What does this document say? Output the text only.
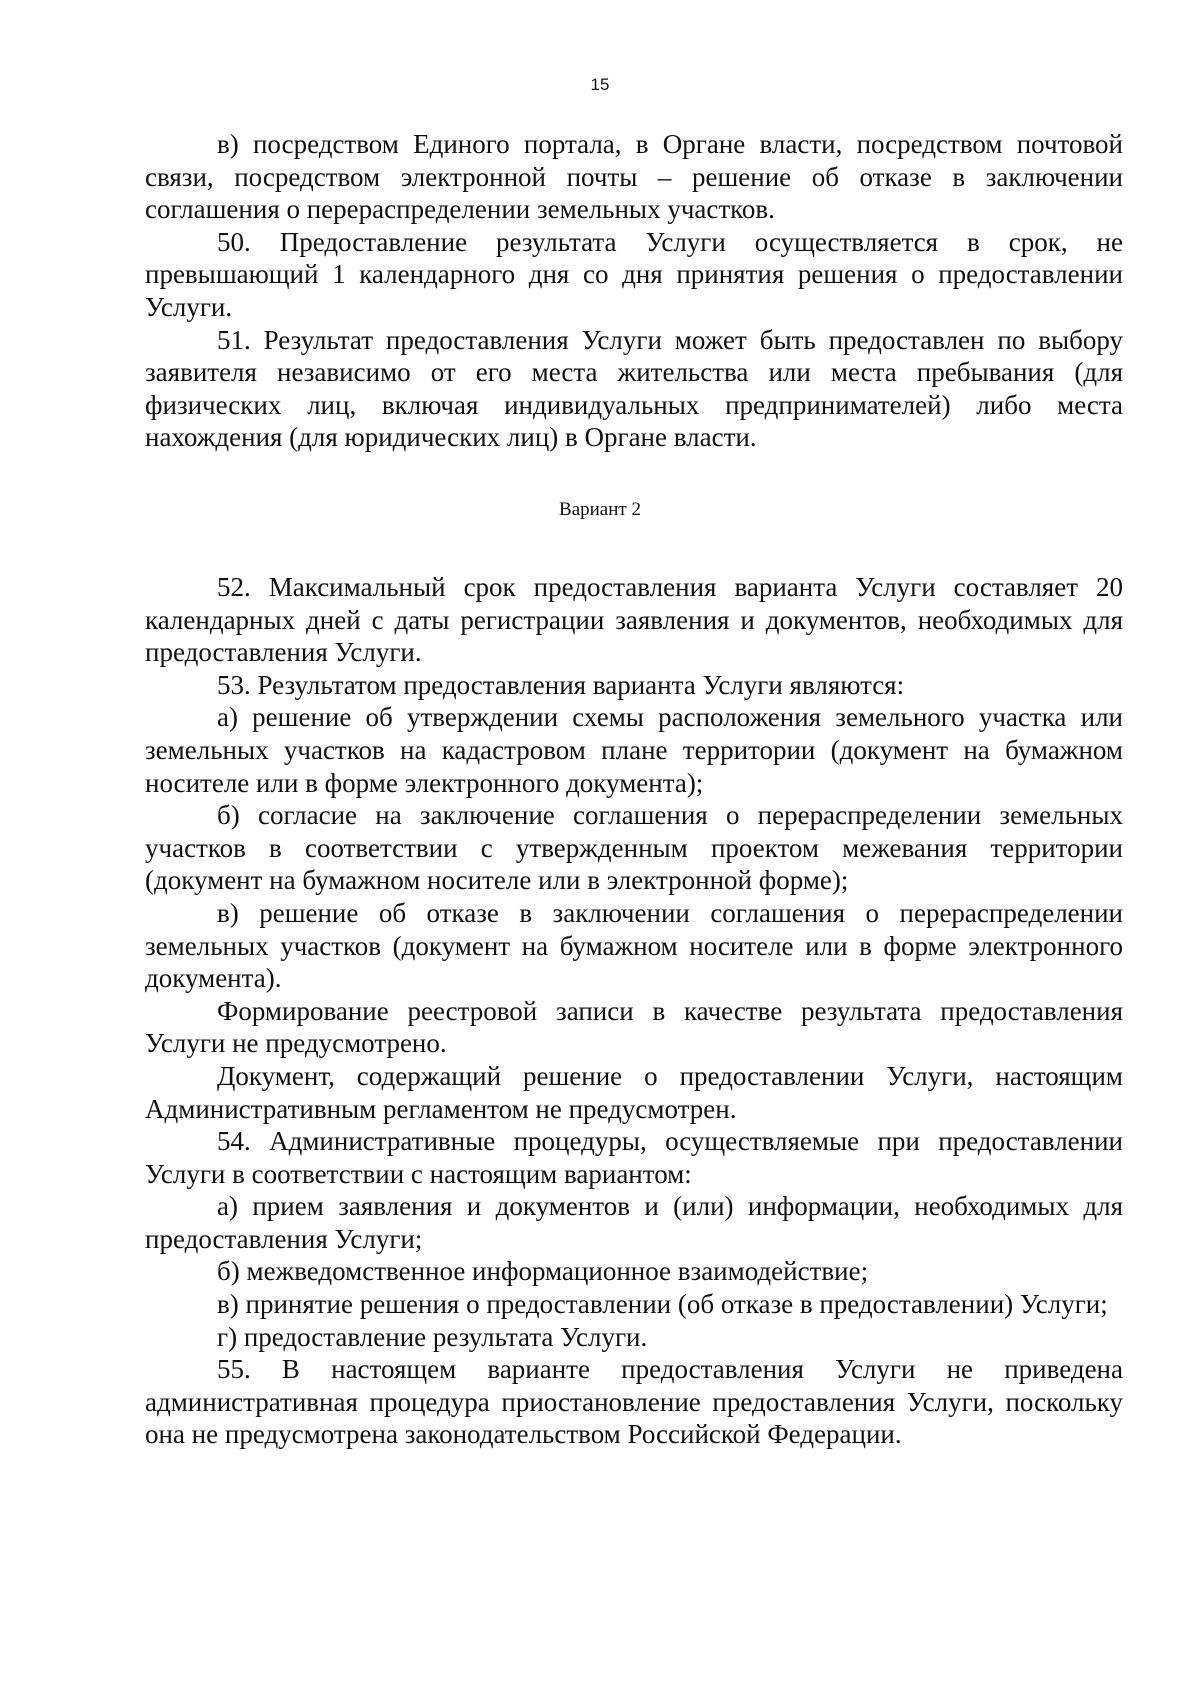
15

в) посредством Единого портала, в Органе власти, посредством почтовой связи, посредством электронной почты – решение об отказе в заключении соглашения о перераспределении земельных участков.

50. Предоставление результата Услуги осуществляется в срок, не превышающий 1 календарного дня со дня принятия решения о предоставлении Услуги.

51. Результат предоставления Услуги может быть предоставлен по выбору заявителя независимо от его места жительства или места пребывания (для физических лиц, включая индивидуальных предпринимателей) либо места нахождения (для юридических лиц) в Органе власти.

Вариант 2

52. Максимальный срок предоставления варианта Услуги составляет 20 календарных дней с даты регистрации заявления и документов, необходимых для предоставления Услуги.

53. Результатом предоставления варианта Услуги являются:

а) решение об утверждении схемы расположения земельного участка или земельных участков на кадастровом плане территории (документ на бумажном носителе или в форме электронного документа);

б) согласие на заключение соглашения о перераспределении земельных участков в соответствии с утвержденным проектом межевания территории (документ на бумажном носителе или в электронной форме);

в) решение об отказе в заключении соглашения о перераспределении земельных участков (документ на бумажном носителе или в форме электронного документа).

Формирование реестровой записи в качестве результата предоставления Услуги не предусмотрено.

Документ, содержащий решение о предоставлении Услуги, настоящим Административным регламентом не предусмотрен.

54. Административные процедуры, осуществляемые при предоставлении Услуги в соответствии с настоящим вариантом:

а) прием заявления и документов и (или) информации, необходимых для предоставления Услуги;

б) межведомственное информационное взаимодействие;

в) принятие решения о предоставлении (об отказе в предоставлении) Услуги;

г) предоставление результата Услуги.

55. В настоящем варианте предоставления Услуги не приведена административная процедура приостановление предоставления Услуги, поскольку она не предусмотрена законодательством Российской Федерации.
